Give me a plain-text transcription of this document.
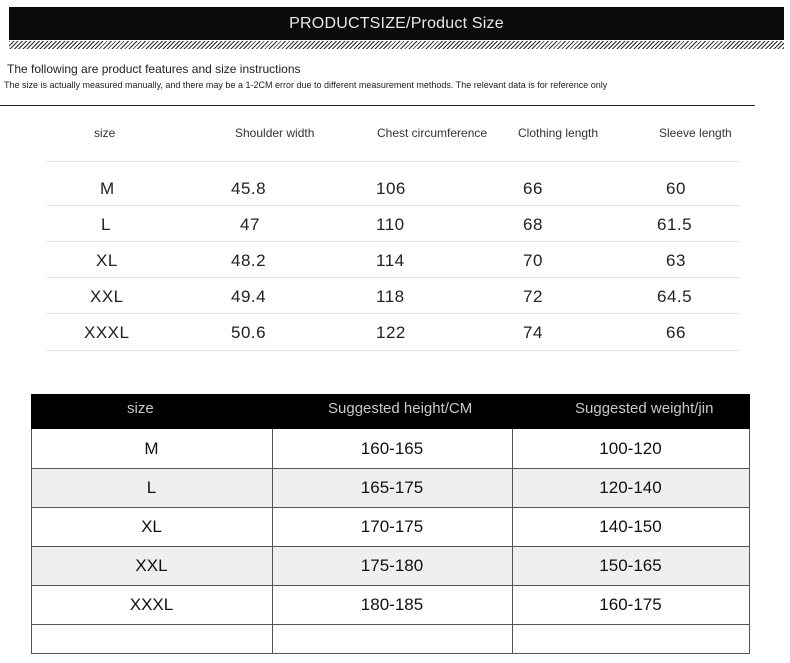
PRODUCTSIZE/Product Size
The following are product features and size instructions
The size is actually measured manually, and there may be a 1-2CM error due to different measurement methods. The relevant data is for reference only
size	Shoulder width	Chest circumference	Clothing length	Sleeve length
M	45.8	106	66	60
L	47	110	68	61.5
XL	48.2	114	70	63
XXL	49.4	118	72	64.5
XXXL	50.6	122	74	66
size	Suggested height/CM	Suggested weight/jin
M	160-165	100-120
L	165-175	120-140
XL	170-175	140-150
XXL	175-180	150-165
XXXL	180-185	160-175
